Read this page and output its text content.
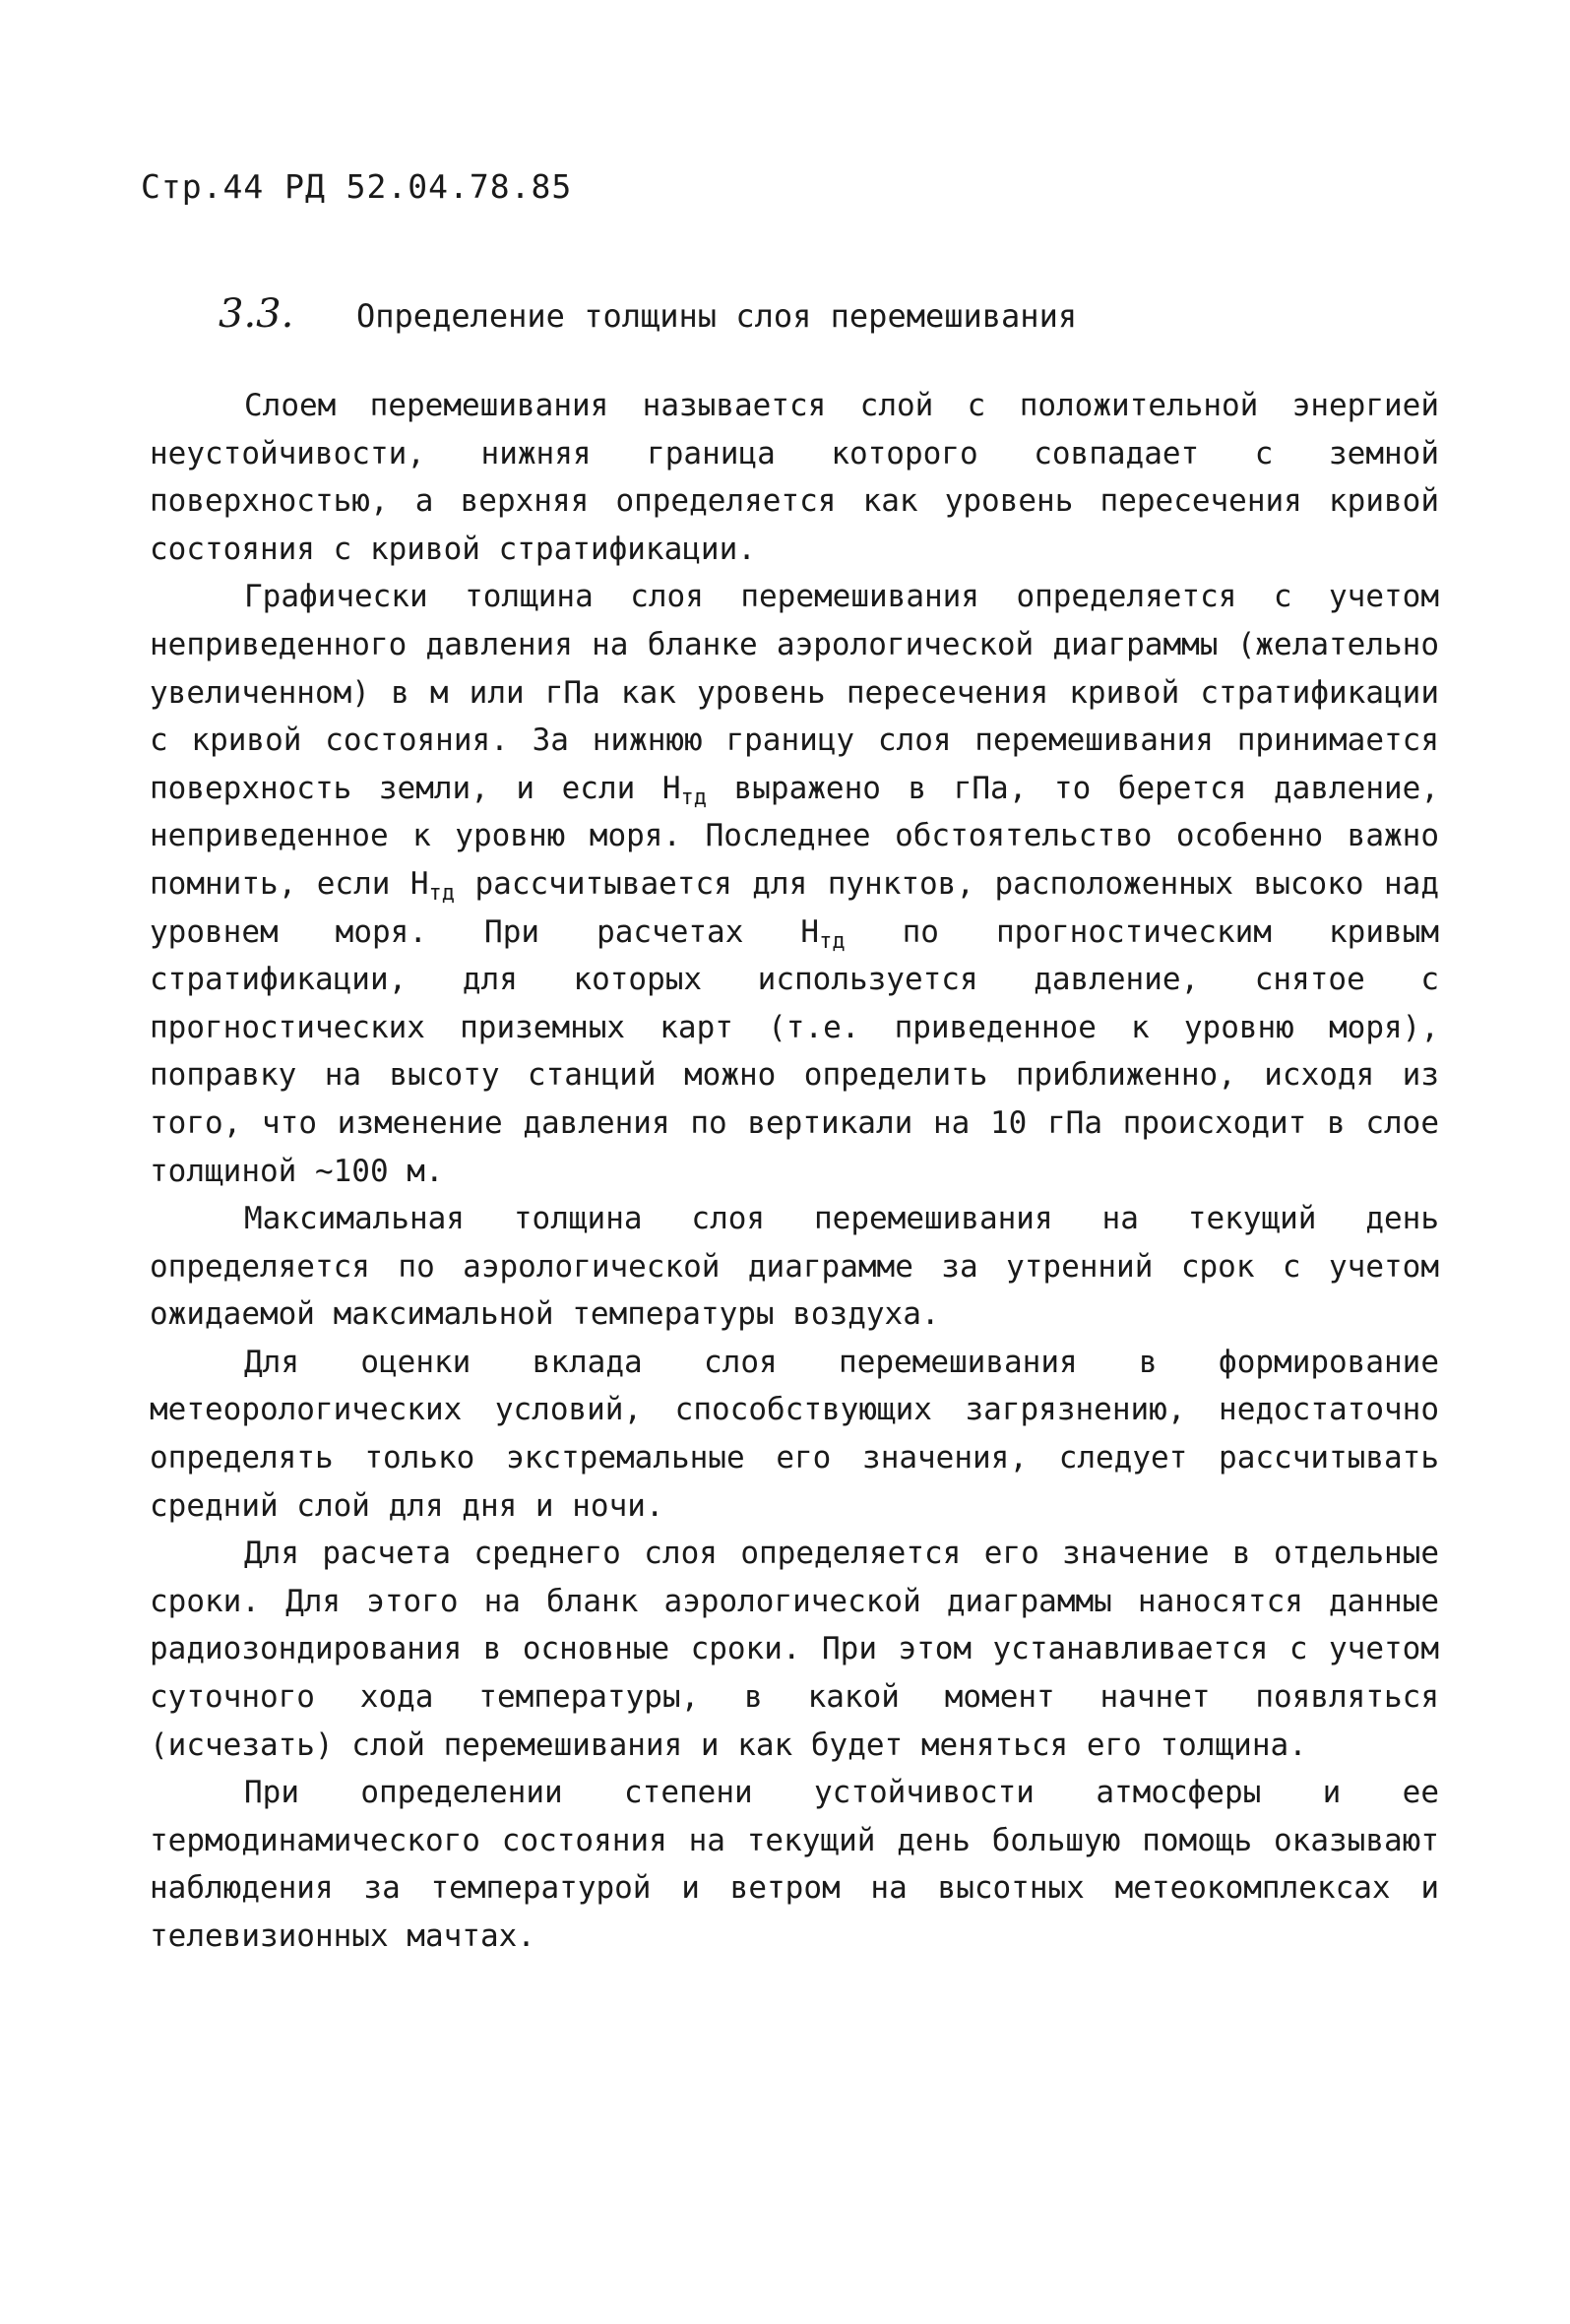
Стр.44 РД 52.04.78.85
3.3. Определение толщины слоя перемешивания

Слоем перемешивания называется слой с положительной энергией неустойчивости, нижняя граница которого совпадает с земной поверхностью, а верхняя определяется как уровень пересечения кривой состояния с кривой стратификации.

Графически толщина слоя перемешивания определяется с учетом неприведенного давления на бланке аэрологической диаграммы (желательно увеличенном) в м или гПа как уровень пересечения кривой стратификации с кривой состояния. За нижнюю границу слоя перемешивания принимается поверхность земли, и если $Н_{тд}$ выражено в гПа, то берется давление, неприведенное к уровню моря. Последнее обстоятельство особенно важно помнить, если $Н_{тд}$ рассчитывается для пунктов, расположенных высоко над уровнем моря. При расчетах $Н_{тд}$ по прогностическим кривым стратификации, для которых используется давление, снятое с прогностических приземных карт (т.е. приведенное к уровню моря), поправку на высоту станций можно определить приближенно, исходя из того, что изменение давления по вертикали на 10 гПа происходит в слое толщиной ~100 м.

Максимальная толщина слоя перемешивания на текущий день определяется по аэрологической диаграмме за утренний срок с учетом ожидаемой максимальной температуры воздуха.

Для оценки вклада слоя перемешивания в формирование метеорологических условий, способствующих загрязнению, недостаточно определять только экстремальные его значения, следует рассчитывать средний слой для дня и ночи.

Для расчета среднего слоя определяется его значение в отдельные сроки. Для этого на бланк аэрологической диаграммы наносятся данные радиозондирования в основные сроки. При этом устанавливается с учетом суточного хода температуры, в какой момент начнет появляться (исчезать) слой перемешивания и как будет меняться его толщина.

При определении степени устойчивости атмосферы и ее термодинамического состояния на текущий день большую помощь оказывают наблюдения за температурой и ветром на высотных метеокомплексах и телевизионных мачтах.
